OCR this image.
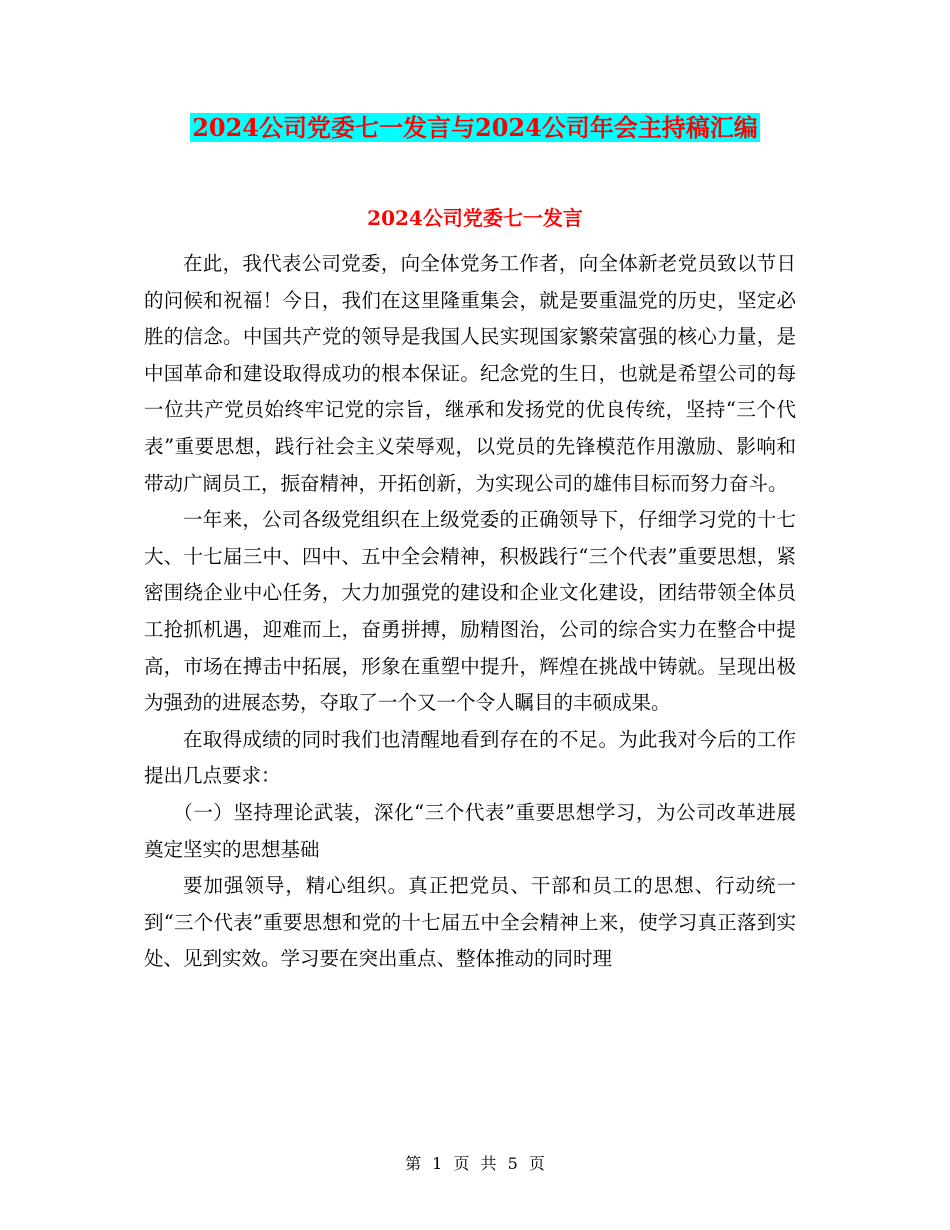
2024公司党委七一发言与2024公司年会主持稿汇编
2024公司党委七一发言

在此，我代表公司党委，向全体党务工作者，向全体新老党员致以节日的问候和祝福！今日，我们在这里隆重集会，就是要重温党的历史，坚定必胜的信念。中国共产党的领导是我国人民实现国家繁荣富强的核心力量，是中国革命和建设取得成功的根本保证。纪念党的生日，也就是希望公司的每一位共产党员始终牢记党的宗旨，继承和发扬党的优良传统，坚持“三个代表”重要思想，践行社会主义荣辱观，以党员的先锋模范作用激励、影响和带动广阔员工，振奋精神，开拓创新，为实现公司的雄伟目标而努力奋斗。

一年来，公司各级党组织在上级党委的正确领导下，仔细学习党的十七大、十七届三中、四中、五中全会精神，积极践行“三个代表”重要思想，紧密围绕企业中心任务，大力加强党的建设和企业文化建设，团结带领全体员工抢抓机遇，迎难而上，奋勇拼搏，励精图治，公司的综合实力在整合中提高，市场在搏击中拓展，形象在重塑中提升，辉煌在挑战中铸就。呈现出极为强劲的进展态势，夺取了一个又一个令人瞩目的丰硕成果。

在取得成绩的同时我们也清醒地看到存在的不足。为此我对今后的工作提出几点要求：

（一）坚持理论武装，深化“三个代表”重要思想学习，为公司改革进展奠定坚实的思想基础

要加强领导，精心组织。真正把党员、干部和员工的思想、行动统一到“三个代表”重要思想和党的十七届五中全会精神上来，使学习真正落到实处、见到实效。学习要在突出重点、整体推动的同时理

第 1 页 共 5 页
